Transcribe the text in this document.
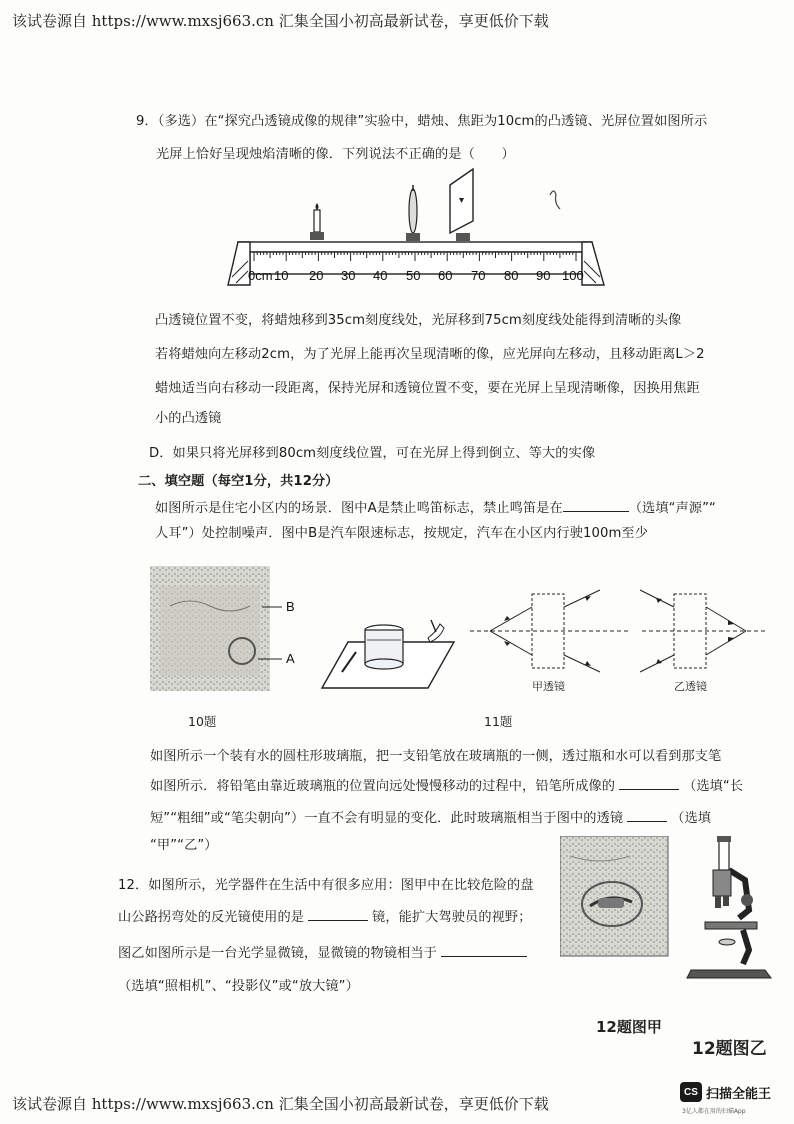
该试卷源自 https://www.mxsj663.cn 汇集全国小初高最新试卷，享更低价下载
9．（多选）在“探究凸透镜成像的规律”实验中，蜡烛、焦距为10cm的凸透镜、光屏位置如图所示
光屏上恰好呈现烛焰清晰的像．下列说法不正确的是（　　）
0cm 10 20 30 40 50 60 70 80 90 100
凸透镜位置不变，将蜡烛移到35cm刻度线处，光屏移到75cm刻度线处能得到清晰的头像
若将蜡烛向左移动2cm，为了光屏上能再次呈现清晰的像，应光屏向左移动，且移动距离L＞2
蜡烛适当向右移动一段距离，保持光屏和透镜位置不变，要在光屏上呈现清晰像，因换用焦距
小的凸透镜
D．如果只将光屏移到80cm刻度线位置，可在光屏上得到倒立、等大的实像
二、填空题（每空1分，共12分）
如图所示是住宅小区内的场景．图中A是禁止鸣笛标志，禁止鸣笛是在	（选填“声源”“
人耳”）处控制噪声．图中B是汽车限速标志，按规定，汽车在小区内行驶100m至少
B
A
甲透镜	乙透镜
10题	11题
如图所示一个装有水的圆柱形玻璃瓶，把一支铅笔放在玻璃瓶的一侧，透过瓶和水可以看到那支笔
如图所示．将铅笔由靠近玻璃瓶的位置向远处慢慢移动的过程中，铅笔所成像的	（选填“长
短”“粗细”或“笔尖朝向”）一直不会有明显的变化．此时玻璃瓶相当于图中的透镜	（选填
“甲”“乙”）
12．如图所示，光学器件在生活中有很多应用：图甲中在比较危险的盘
山公路拐弯处的反光镜使用的是	镜，能扩大驾驶员的视野；
图乙如图所示是一台光学显微镜，显微镜的物镜相当于
（选填“照相机”、“投影仪”或“放大镜”）
12题图甲
12题图乙
该试卷源自 https://www.mxsj663.cn 汇集全国小初高最新试卷，享更低价下载
CS 扫描全能王
3亿人都在用的扫描App
